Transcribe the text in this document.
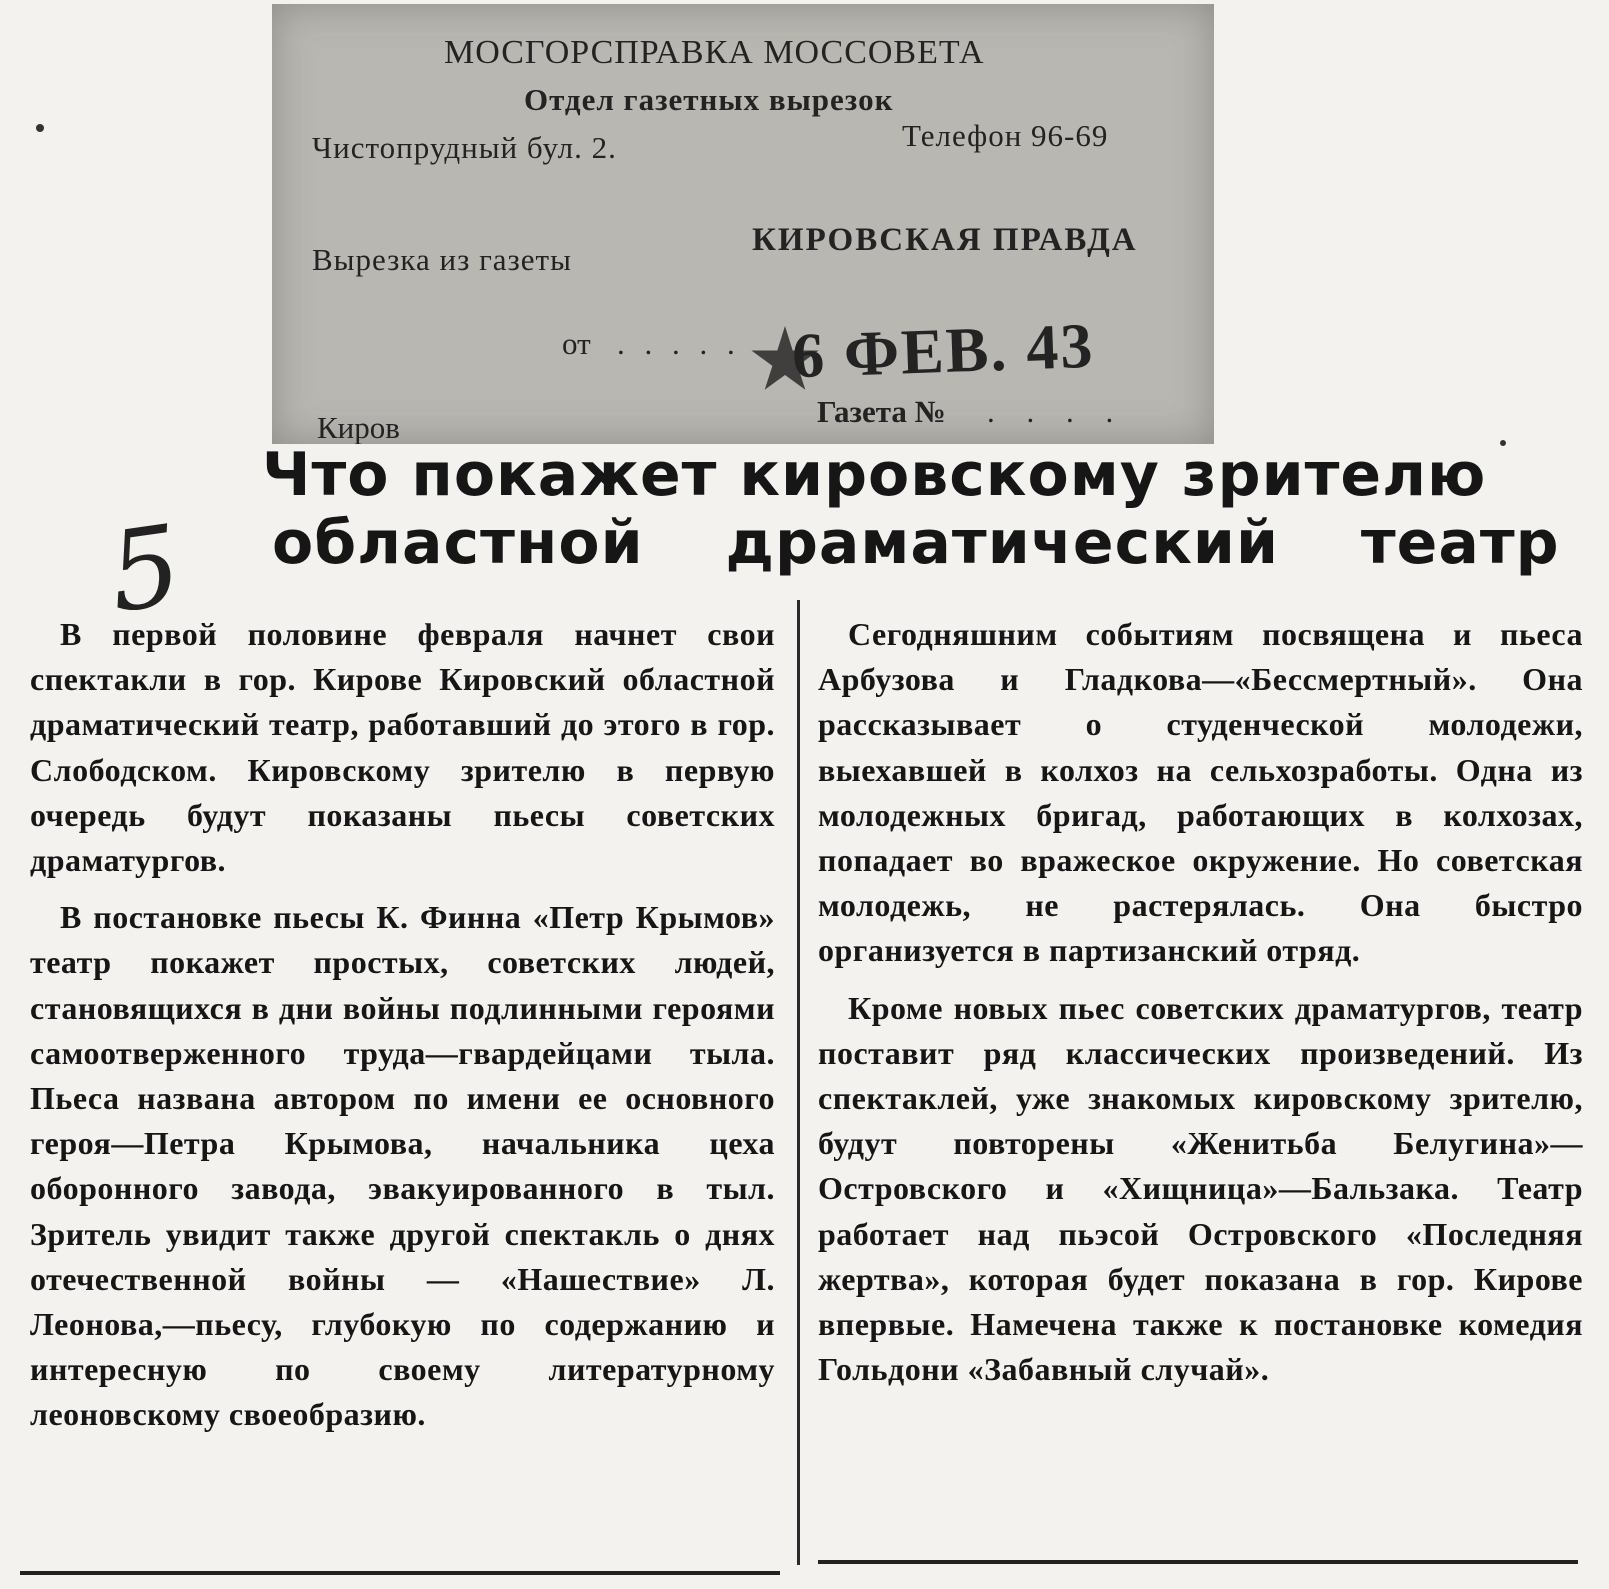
МОСГОРСПРАВКА МОССОВЕТА
Отдел газетных вырезок
Чистопрудный бул. 2.	Телефон 96-69
Вырезка из газеты
КИРОВСКАЯ ПРАВДА
от . . . . . 6 ФЕВ. 43
Киров	Газета № . . . .
5
Что покажет кировскому зрителю
областной драматический театр

В первой половине февраля начнет свои спектакли в гор. Кирове Кировский областной драматический театр, работавший до этого в гор. Слободском. Кировскому зрителю в первую очередь будут показаны пьесы советских драматургов.

В постановке пьесы К. Финна «Петр Крымов» театр покажет простых, советских людей, становящихся в дни войны подлинными героями самоотверженного труда—гвардейцами тыла. Пьеса названа автором по имени ее основного героя—Петра Крымова, начальника цеха оборонного завода, эвакуированного в тыл. Зритель увидит также другой спектакль о днях отечественной войны — «Нашествие» Л. Леонова,—пьесу, глубокую по содержанию и интересную по своему литературному леоновскому своеобразию.

Сегодняшним событиям посвящена и пьеса Арбузова и Гладкова—«Бессмертный». Она рассказывает о студенческой молодежи, выехавшей в колхоз на сельхозработы. Одна из молодежных бригад, работающих в колхозах, попадает во вражеское окружение. Но советская молодежь, не растерялась. Она быстро организуется в партизанский отряд.

Кроме новых пьес советских драматургов, театр поставит ряд классических произведений. Из спектаклей, уже знакомых кировскому зрителю, будут повторены «Женитьба Белугина»—Островского и «Хищница»—Бальзака. Театр работает над пьэсой Островского «Последняя жертва», которая будет показана в гор. Кирове впервые. Намечена также к постановке комедия Гольдони «Забавный случай».
